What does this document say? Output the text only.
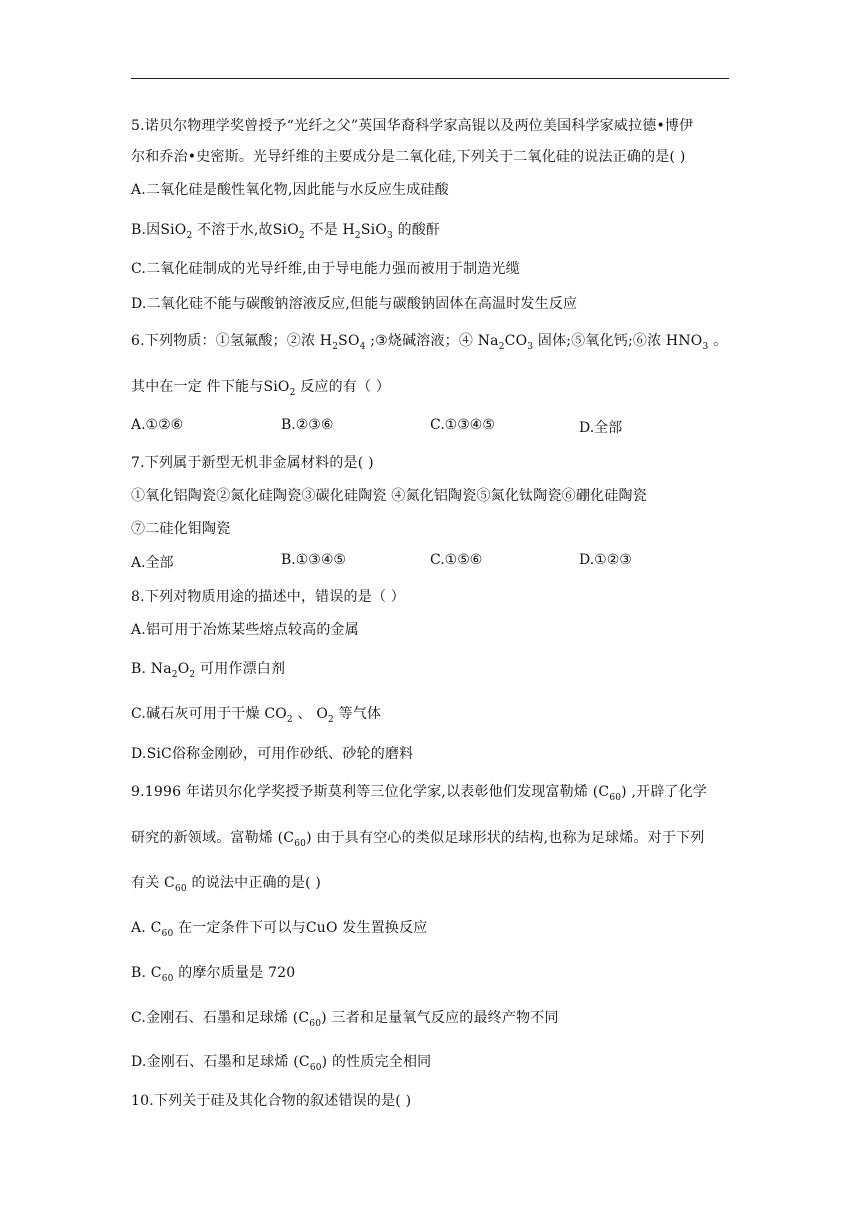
5.诺贝尔物理学奖曾授予“光纤之父”英国华裔科学家高锟以及两位美国科学家威拉德•博伊
尔和乔治•史密斯。光导纤维的主要成分是二氧化硅,下列关于二氧化硅的说法正确的是( )
A.二氧化硅是酸性氧化物,因此能与水反应生成硅酸
B.因SiO$_2$ 不溶于水,故SiO$_2$ 不是 $H_2SiO_3$ 的酸酐
C.二氧化硅制成的光导纤维,由于导电能力强而被用于制造光缆
D.二氧化硅不能与碳酸钠溶液反应,但能与碳酸钠固体在高温时发生反应
6.下列物质：①氢氟酸；②浓 $H_2SO_4$ ;③烧碱溶液；④ $Na_2CO_3$ 固体;⑤氧化钙;⑥浓 $HNO_3$ 。
其中在一定 件下能与SiO$_2$ 反应的有（ ）
A.①②⑥	B.②③⑥	C.①③④⑤	D.全部
7.下列属于新型无机非金属材料的是( )
①氧化铝陶瓷②氮化硅陶瓷③碳化硅陶瓷 ④氮化铝陶瓷⑤氮化钛陶瓷⑥硼化硅陶瓷
⑦二硅化钼陶瓷
A.全部	B.①③④⑤	C.①⑤⑥	D.①②③
8.下列对物质用途的描述中，错误的是（ ）
A.铝可用于冶炼某些熔点较高的金属
B. $Na_2O_2$ 可用作漂白剂
C.碱石灰可用于干燥 $CO_2$ 、 $O_2$ 等气体
D.SiC俗称金刚砂，可用作砂纸、砂轮的磨料
9.1996 年诺贝尔化学奖授予斯莫利等三位化学家,以表彰他们发现富勒烯 $(C_{60})$ ,开辟了化学
研究的新领域。富勒烯 $(C_{60})$ 由于具有空心的类似足球形状的结构,也称为足球烯。对于下列
有关 $C_{60}$ 的说法中正确的是( )
A. $C_{60}$ 在一定条件下可以与CuO 发生置换反应
B. $C_{60}$ 的摩尔质量是 720
C.金刚石、石墨和足球烯 $(C_{60})$ 三者和足量氧气反应的最终产物不同
D.金刚石、石墨和足球烯 $(C_{60})$ 的性质完全相同
10.下列关于硅及其化合物的叙述错误的是( )
